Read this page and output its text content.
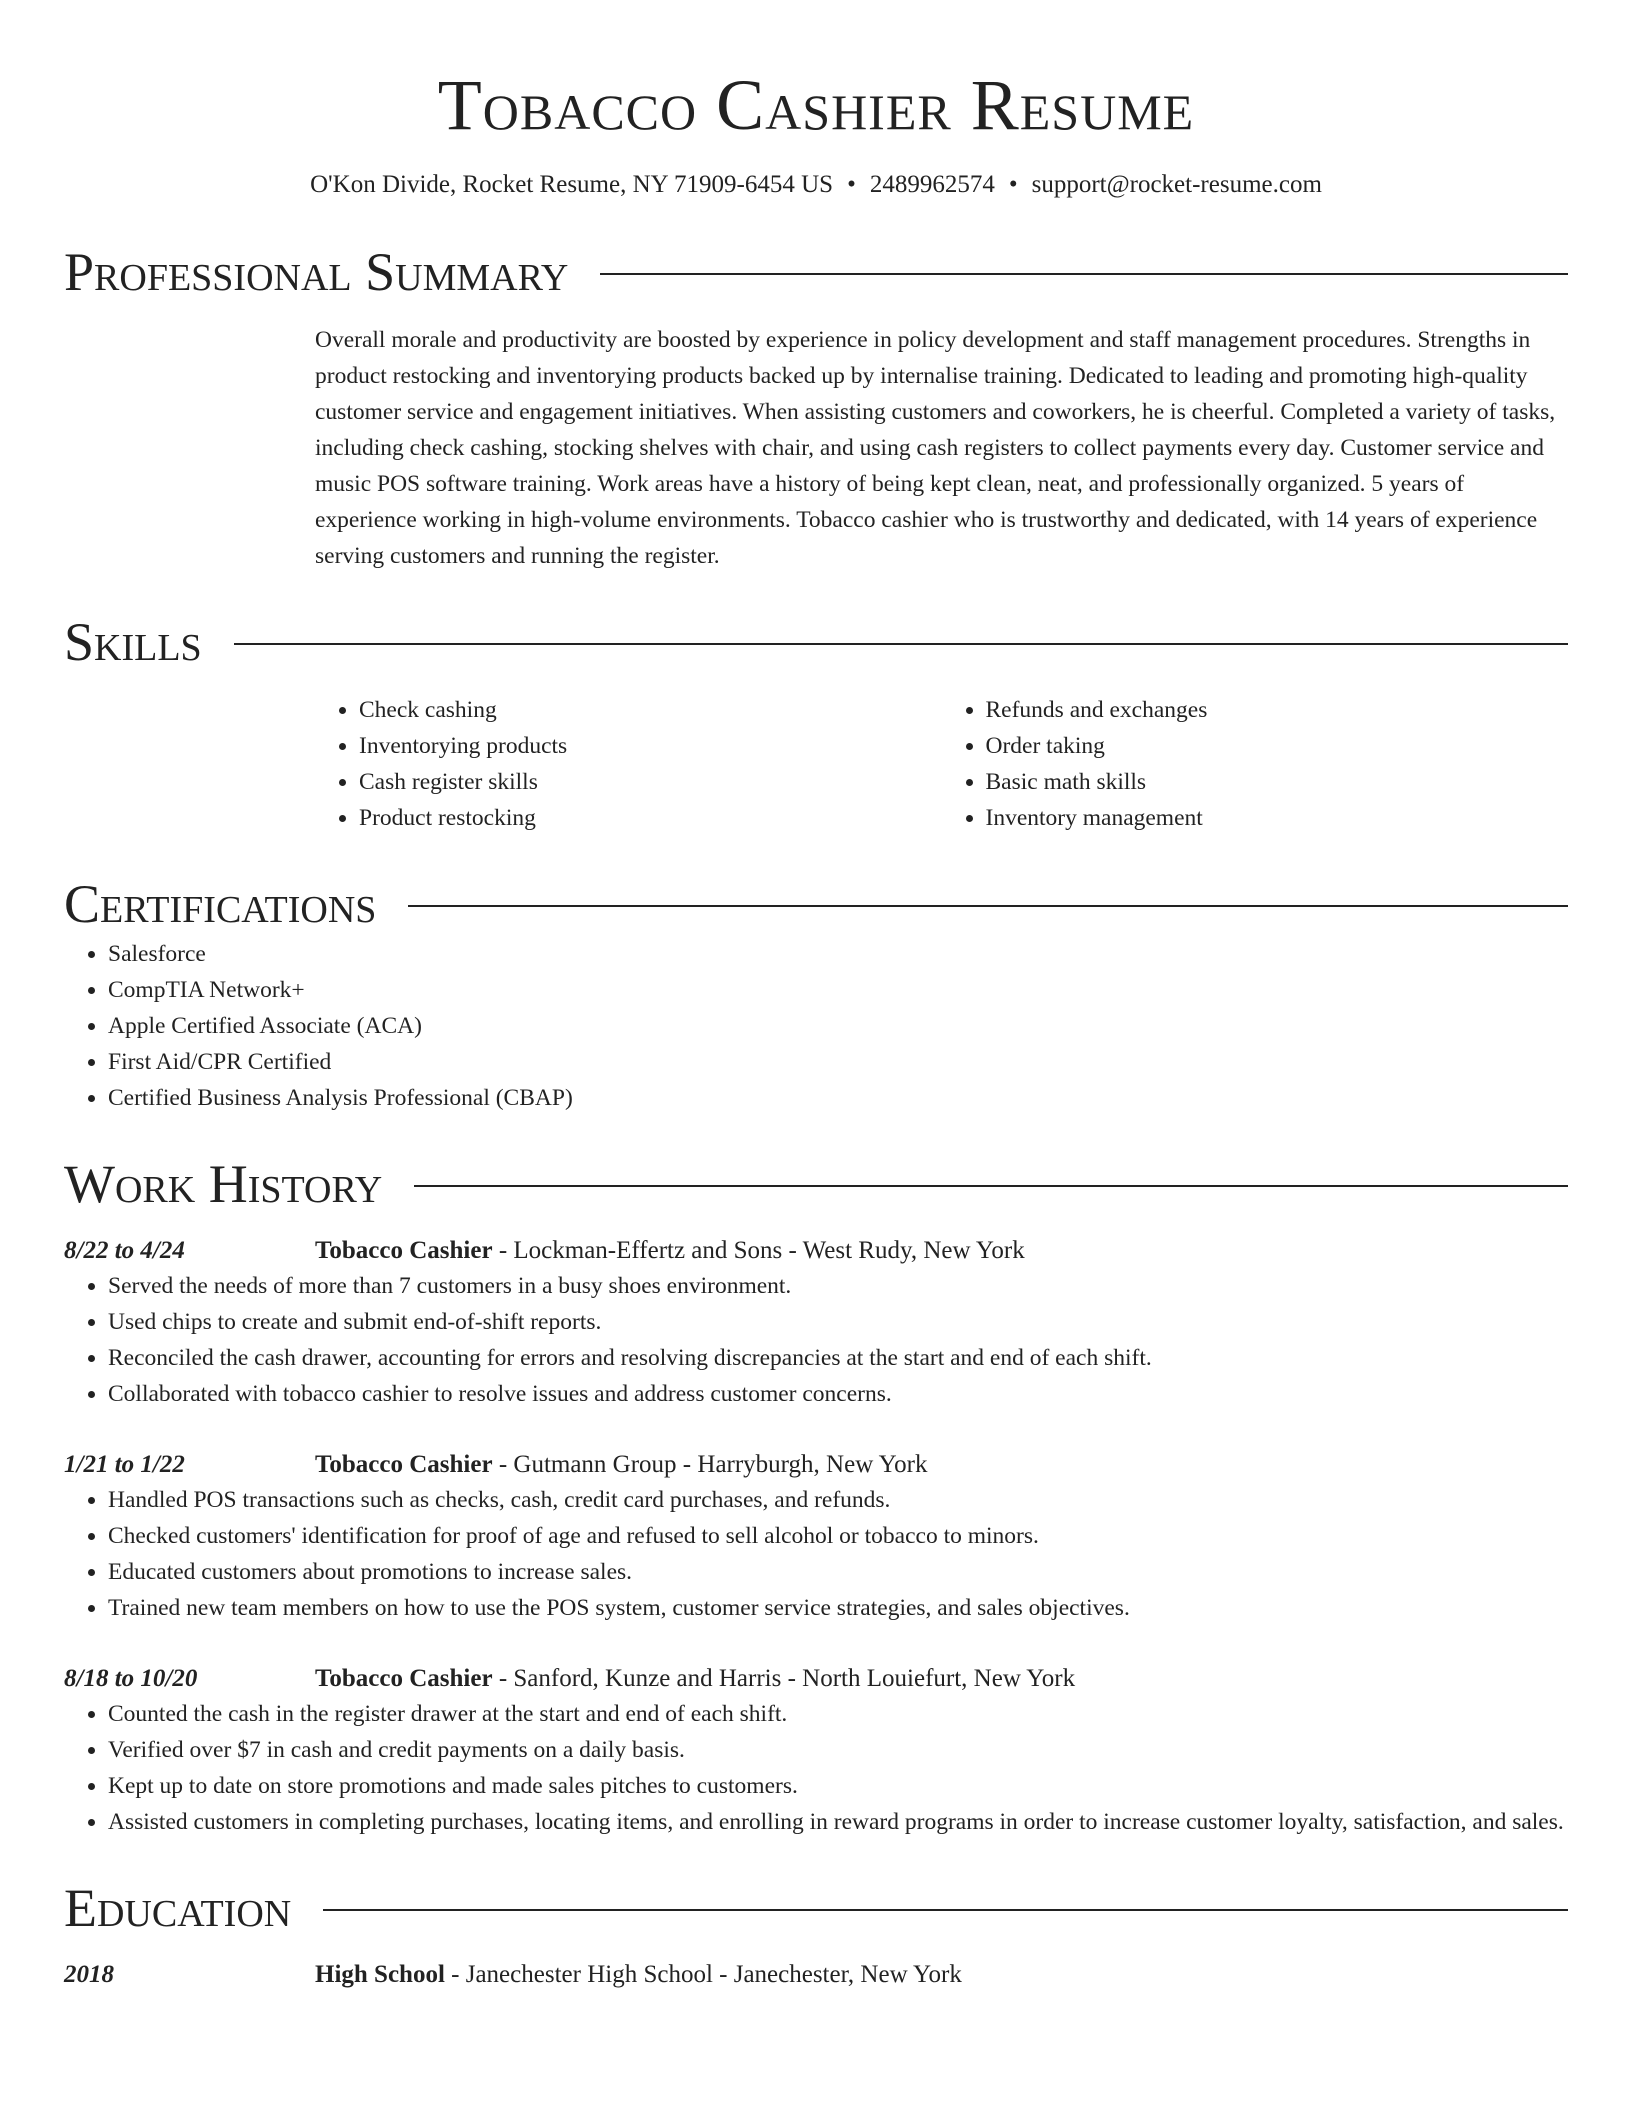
Tobacco Cashier Resume
O'Kon Divide, Rocket Resume, NY 71909-6454 US • 2489962574 • support@rocket-resume.com
Professional Summary

Overall morale and productivity are boosted by experience in policy development and staff management procedures. Strengths in product restocking and inventorying products backed up by internalise training. Dedicated to leading and promoting high-quality customer service and engagement initiatives. When assisting customers and coworkers, he is cheerful. Completed a variety of tasks, including check cashing, stocking shelves with chair, and using cash registers to collect payments every day. Customer service and music POS software training. Work areas have a history of being kept clean, neat, and professionally organized. 5 years of experience working in high-volume environments. Tobacco cashier who is trustworthy and dedicated, with 14 years of experience serving customers and running the register.

Skills
• Check cashing
• Inventorying products
• Cash register skills
• Product restocking
• Refunds and exchanges
• Order taking
• Basic math skills
• Inventory management
Certifications
• Salesforce
• CompTIA Network+
• Apple Certified Associate (ACA)
• First Aid/CPR Certified
• Certified Business Analysis Professional (CBAP)
Work History
8/22 to 4/24	Tobacco Cashier - Lockman-Effertz and Sons - West Rudy, New York
• Served the needs of more than 7 customers in a busy shoes environment.
• Used chips to create and submit end-of-shift reports.
• Reconciled the cash drawer, accounting for errors and resolving discrepancies at the start and end of each shift.
• Collaborated with tobacco cashier to resolve issues and address customer concerns.
1/21 to 1/22	Tobacco Cashier - Gutmann Group - Harryburgh, New York
• Handled POS transactions such as checks, cash, credit card purchases, and refunds.
• Checked customers' identification for proof of age and refused to sell alcohol or tobacco to minors.
• Educated customers about promotions to increase sales.
• Trained new team members on how to use the POS system, customer service strategies, and sales objectives.
8/18 to 10/20	Tobacco Cashier - Sanford, Kunze and Harris - North Louiefurt, New York
• Counted the cash in the register drawer at the start and end of each shift.
• Verified over $7 in cash and credit payments on a daily basis.
• Kept up to date on store promotions and made sales pitches to customers.
• Assisted customers in completing purchases, locating items, and enrolling in reward programs in order to increase customer loyalty, satisfaction, and sales.
Education
2018	High School - Janechester High School - Janechester, New York
